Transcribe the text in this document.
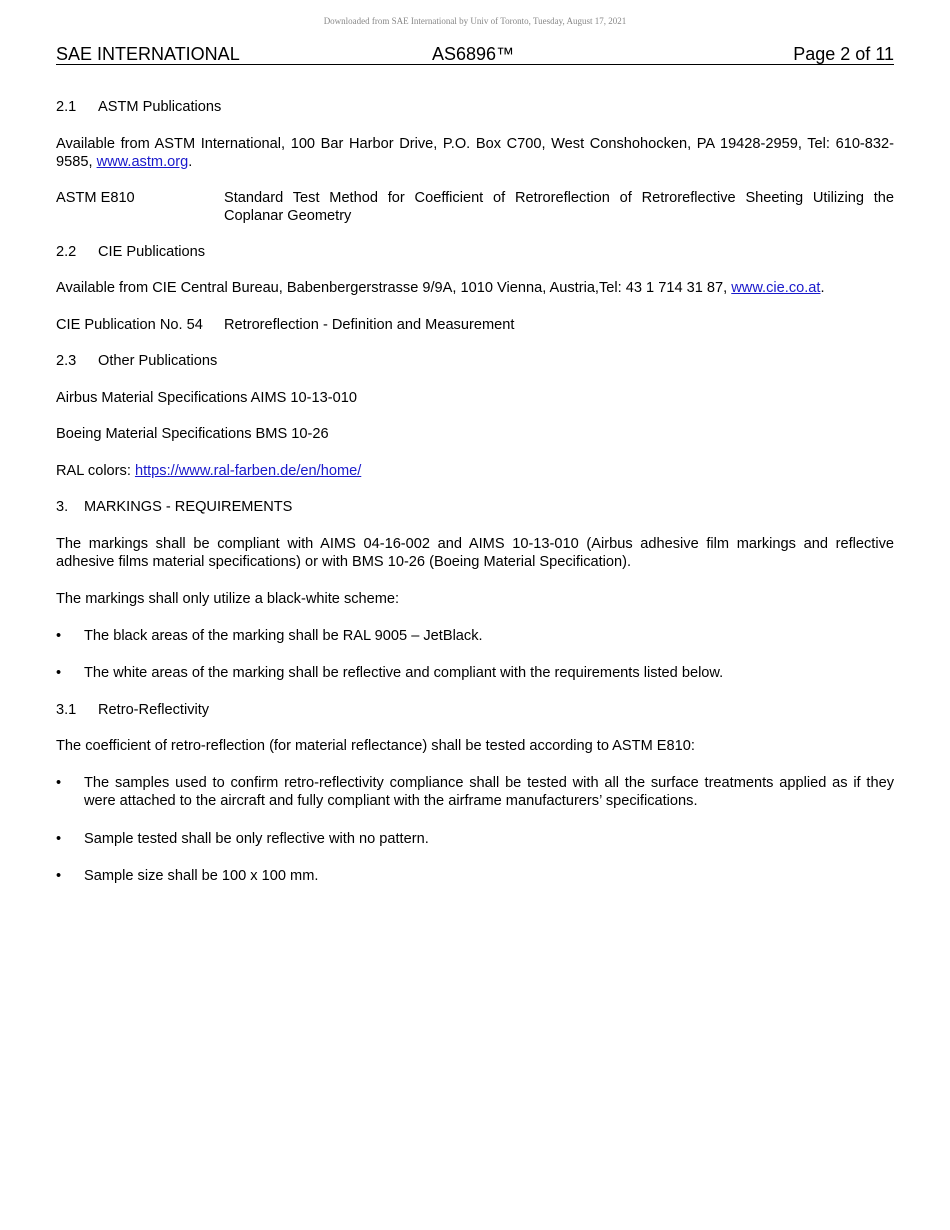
Downloaded from SAE International by Univ of Toronto, Tuesday, August 17, 2021
SAE INTERNATIONAL	AS6896™	Page 2 of 11
2.1 ASTM Publications
Available from ASTM International, 100 Bar Harbor Drive, P.O. Box C700, West Conshohocken, PA 19428-2959, Tel: 610-832-9585, www.astm.org.
ASTM E810	Standard Test Method for Coefficient of Retroreflection of Retroreflective Sheeting Utilizing the Coplanar Geometry
2.2 CIE Publications
Available from CIE Central Bureau, Babenbergerstrasse 9/9A, 1010 Vienna, Austria,Tel: 43 1 714 31 87, www.cie.co.at.
CIE Publication No. 54	Retroreflection - Definition and Measurement
2.3 Other Publications
Airbus Material Specifications AIMS 10-13-010
Boeing Material Specifications BMS 10-26
RAL colors: https://www.ral-farben.de/en/home/
3. MARKINGS - REQUIREMENTS
The markings shall be compliant with AIMS 04-16-002 and AIMS 10-13-010 (Airbus adhesive film markings and reflective adhesive films material specifications) or with BMS 10-26 (Boeing Material Specification).
The markings shall only utilize a black-white scheme:
• The black areas of the marking shall be RAL 9005 – JetBlack.
• The white areas of the marking shall be reflective and compliant with the requirements listed below.
3.1 Retro-Reflectivity
The coefficient of retro-reflection (for material reflectance) shall be tested according to ASTM E810:
• The samples used to confirm retro-reflectivity compliance shall be tested with all the surface treatments applied as if they were attached to the aircraft and fully compliant with the airframe manufacturers’ specifications.
• Sample tested shall be only reflective with no pattern.
• Sample size shall be 100 x 100 mm.
